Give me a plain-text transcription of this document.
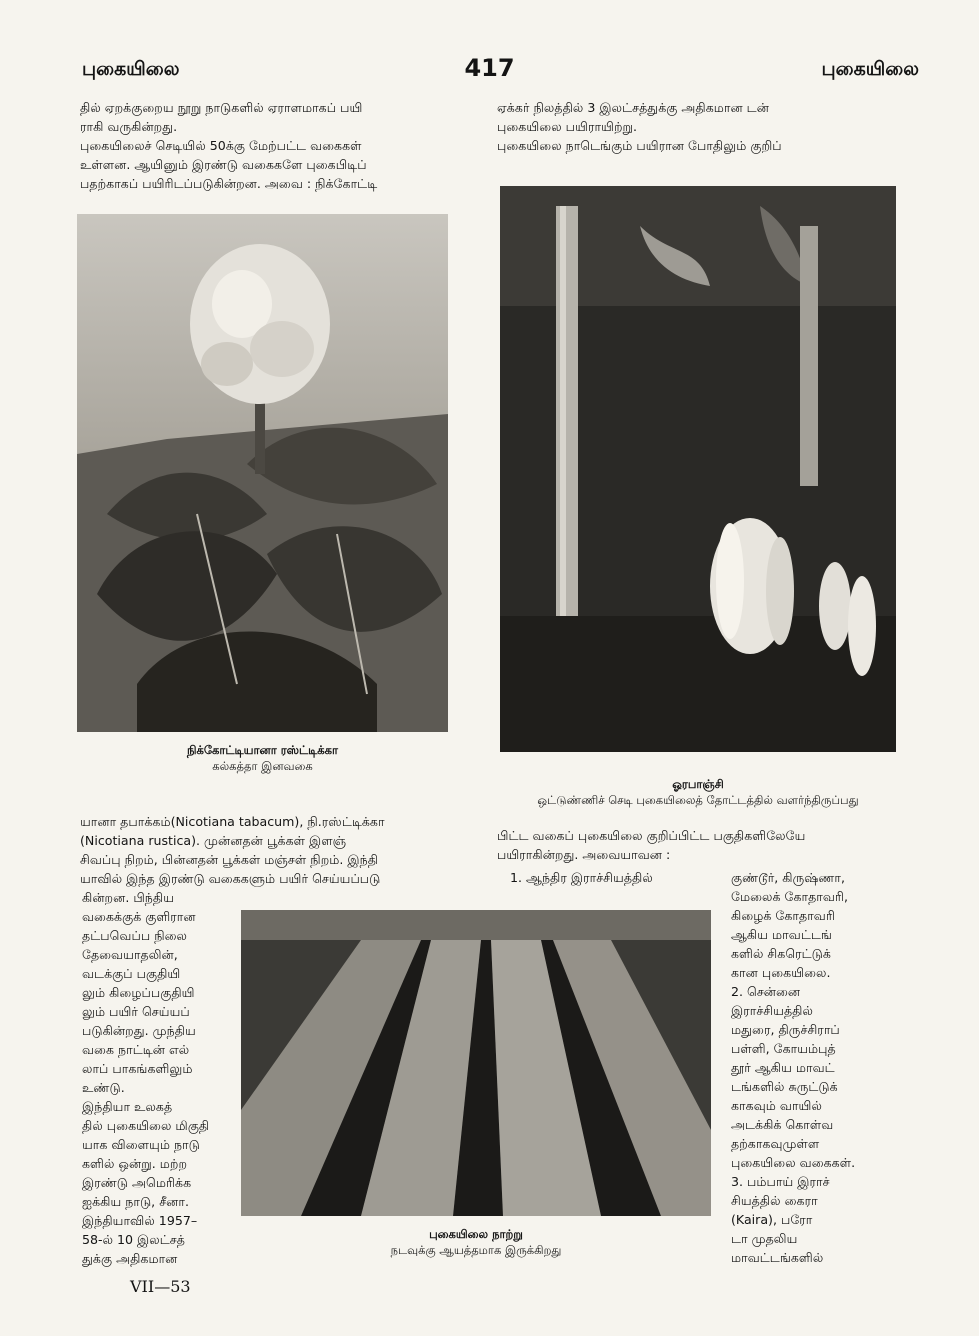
புகையிலை	417	புகையிலை
தில் ஏறக்குறைய நூறு நாடுகளில் ஏராளமாகப் பயி
ராகி வருகின்றது.
புகையிலைச் செடியில் 50க்கு மேற்பட்ட வகைகள்
உள்ளன. ஆயினும் இரண்டு வகைகளே புகைபிடிப்
பதற்காகப் பயிரிடப்படுகின்றன. அவை : நிக்கோட்டி
ஏக்கர் நிலத்தில் 3 இலட்சத்துக்கு அதிகமான டன்
புகையிலை பயிராயிற்று.
புகையிலை நாடெங்கும் பயிரான போதிலும் குறிப்
நிக்கோட்டியானா ரஸ்ட்டிக்கா
கல்கத்தா இனவகை
ஓரபாஞ்சி
ஒட்டுண்ணிச் செடி புகையிலைத் தோட்டத்தில் வளர்ந்திருப்பது
யானா தபாக்கம்(Nicotiana tabacum), நி.ரஸ்ட்டிக்கா
(Nicotiana rustica). முன்னதன் பூக்கள் இளஞ்
சிவப்பு நிறம், பின்னதன் பூக்கள் மஞ்சள் நிறம். இந்தி
யாவில் இந்த இரண்டு வகைகளும் பயிர் செய்யப்படு
பிட்ட வகைப் புகையிலை குறிப்பிட்ட பகுதிகளிலேயே
பயிராகின்றது. அவையாவன :
1. ஆந்திர இராச்சியத்தில்
கின்றன. பிந்திய
வகைக்குக் குளிரான
தட்பவெப்ப நிலை
தேவையாதலின்,
வடக்குப் பகுதியி
லும் கிழைப்பகுதியி
லும் பயிர் செய்யப்
படுகின்றது. முந்திய
வகை நாட்டின் எல்
லாப் பாகங்களிலும்
உண்டு.
இந்தியா உலகத்
தில் புகையிலை மிகுதி
யாக விளையும் நாடு
களில் ஒன்று. மற்ற
இரண்டு அமெரிக்க
ஐக்கிய நாடு, சீனா.
இந்தியாவில் 1957–
58-ல் 10 இலட்சத்
துக்கு அதிகமான
குண்டூர், கிருஷ்ணா,
மேலைக் கோதாவரி,
கிழைக் கோதாவரி
ஆகிய மாவட்டங்
களில் சிகரெட்டுக்
கான புகையிலை.
2. சென்னை
இராச்சியத்தில்
மதுரை, திருச்சிராப்
பள்ளி, கோயம்புத்
தூர் ஆகிய மாவட்
டங்களில் சுருட்டுக்
காகவும் வாயில்
அடக்கிக் கொள்வ
தற்காகவுமுள்ள
புகையிலை வகைகள்.
3. பம்பாய் இராச்
சியத்தில் கைரா
(Kaira), பரோ
டா முதலிய
மாவட்டங்களில்
புகையிலை நாற்று
நடவுக்கு ஆயத்தமாக இருக்கிறது
VII—53
